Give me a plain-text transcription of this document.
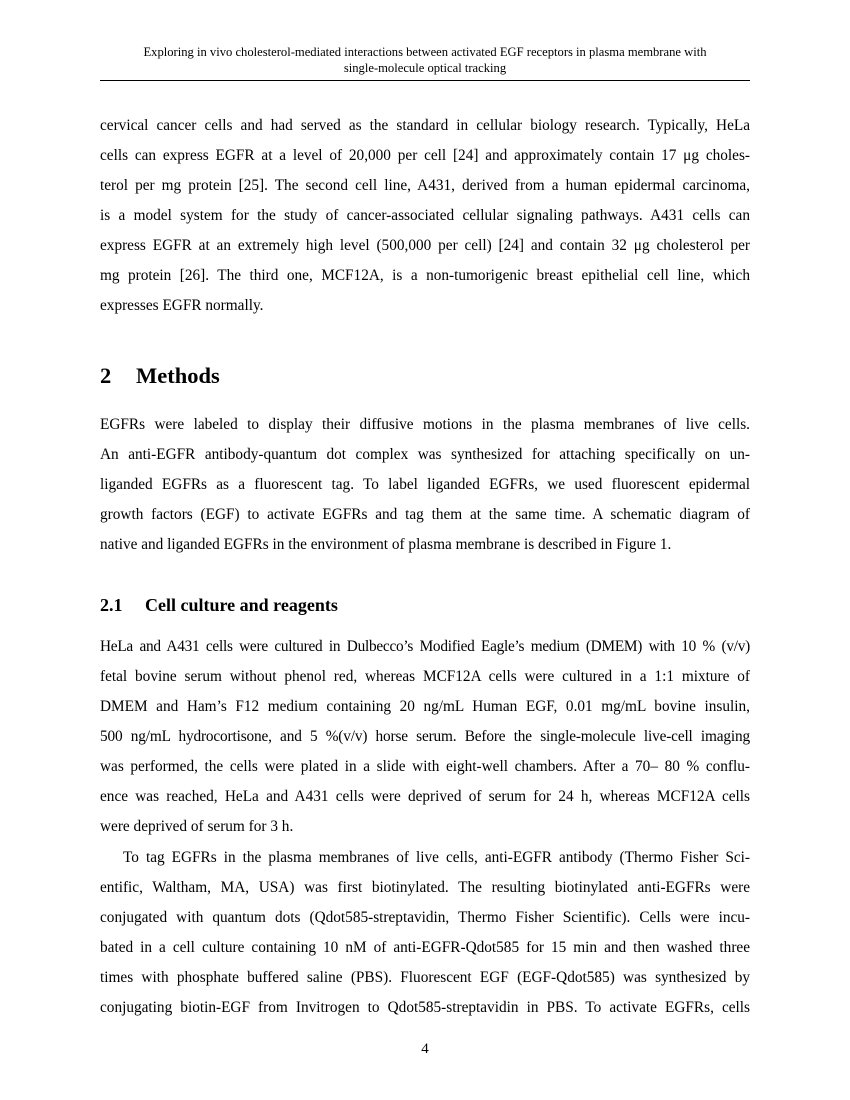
Exploring in vivo cholesterol-mediated interactions between activated EGF receptors in plasma membrane with
single-molecule optical tracking
cervical cancer cells and had served as the standard in cellular biology research. Typically, HeLa
cells can express EGFR at a level of 20,000 per cell [24] and approximately contain 17 μg choles-
terol per mg protein [25]. The second cell line, A431, derived from a human epidermal carcinoma,
is a model system for the study of cancer-associated cellular signaling pathways. A431 cells can
express EGFR at an extremely high level (500,000 per cell) [24] and contain 32 μg cholesterol per
mg protein [26]. The third one, MCF12A, is a non-tumorigenic breast epithelial cell line, which
expresses EGFR normally.
2 Methods
EGFRs were labeled to display their diffusive motions in the plasma membranes of live cells.
An anti-EGFR antibody-quantum dot complex was synthesized for attaching specifically on un-
liganded EGFRs as a fluorescent tag. To label liganded EGFRs, we used fluorescent epidermal
growth factors (EGF) to activate EGFRs and tag them at the same time. A schematic diagram of
native and liganded EGFRs in the environment of plasma membrane is described in Figure 1.
2.1 Cell culture and reagents
HeLa and A431 cells were cultured in Dulbecco’s Modified Eagle’s medium (DMEM) with 10 % (v/v)
fetal bovine serum without phenol red, whereas MCF12A cells were cultured in a 1:1 mixture of
DMEM and Ham’s F12 medium containing 20 ng/mL Human EGF, 0.01 mg/mL bovine insulin,
500 ng/mL hydrocortisone, and 5 %(v/v) horse serum. Before the single-molecule live-cell imaging
was performed, the cells were plated in a slide with eight-well chambers. After a 70– 80 % conflu-
ence was reached, HeLa and A431 cells were deprived of serum for 24 h, whereas MCF12A cells
were deprived of serum for 3 h.
To tag EGFRs in the plasma membranes of live cells, anti-EGFR antibody (Thermo Fisher Sci-
entific, Waltham, MA, USA) was first biotinylated. The resulting biotinylated anti-EGFRs were
conjugated with quantum dots (Qdot585-streptavidin, Thermo Fisher Scientific). Cells were incu-
bated in a cell culture containing 10 nM of anti-EGFR-Qdot585 for 15 min and then washed three
times with phosphate buffered saline (PBS). Fluorescent EGF (EGF-Qdot585) was synthesized by
conjugating biotin-EGF from Invitrogen to Qdot585-streptavidin in PBS. To activate EGFRs, cells
4
